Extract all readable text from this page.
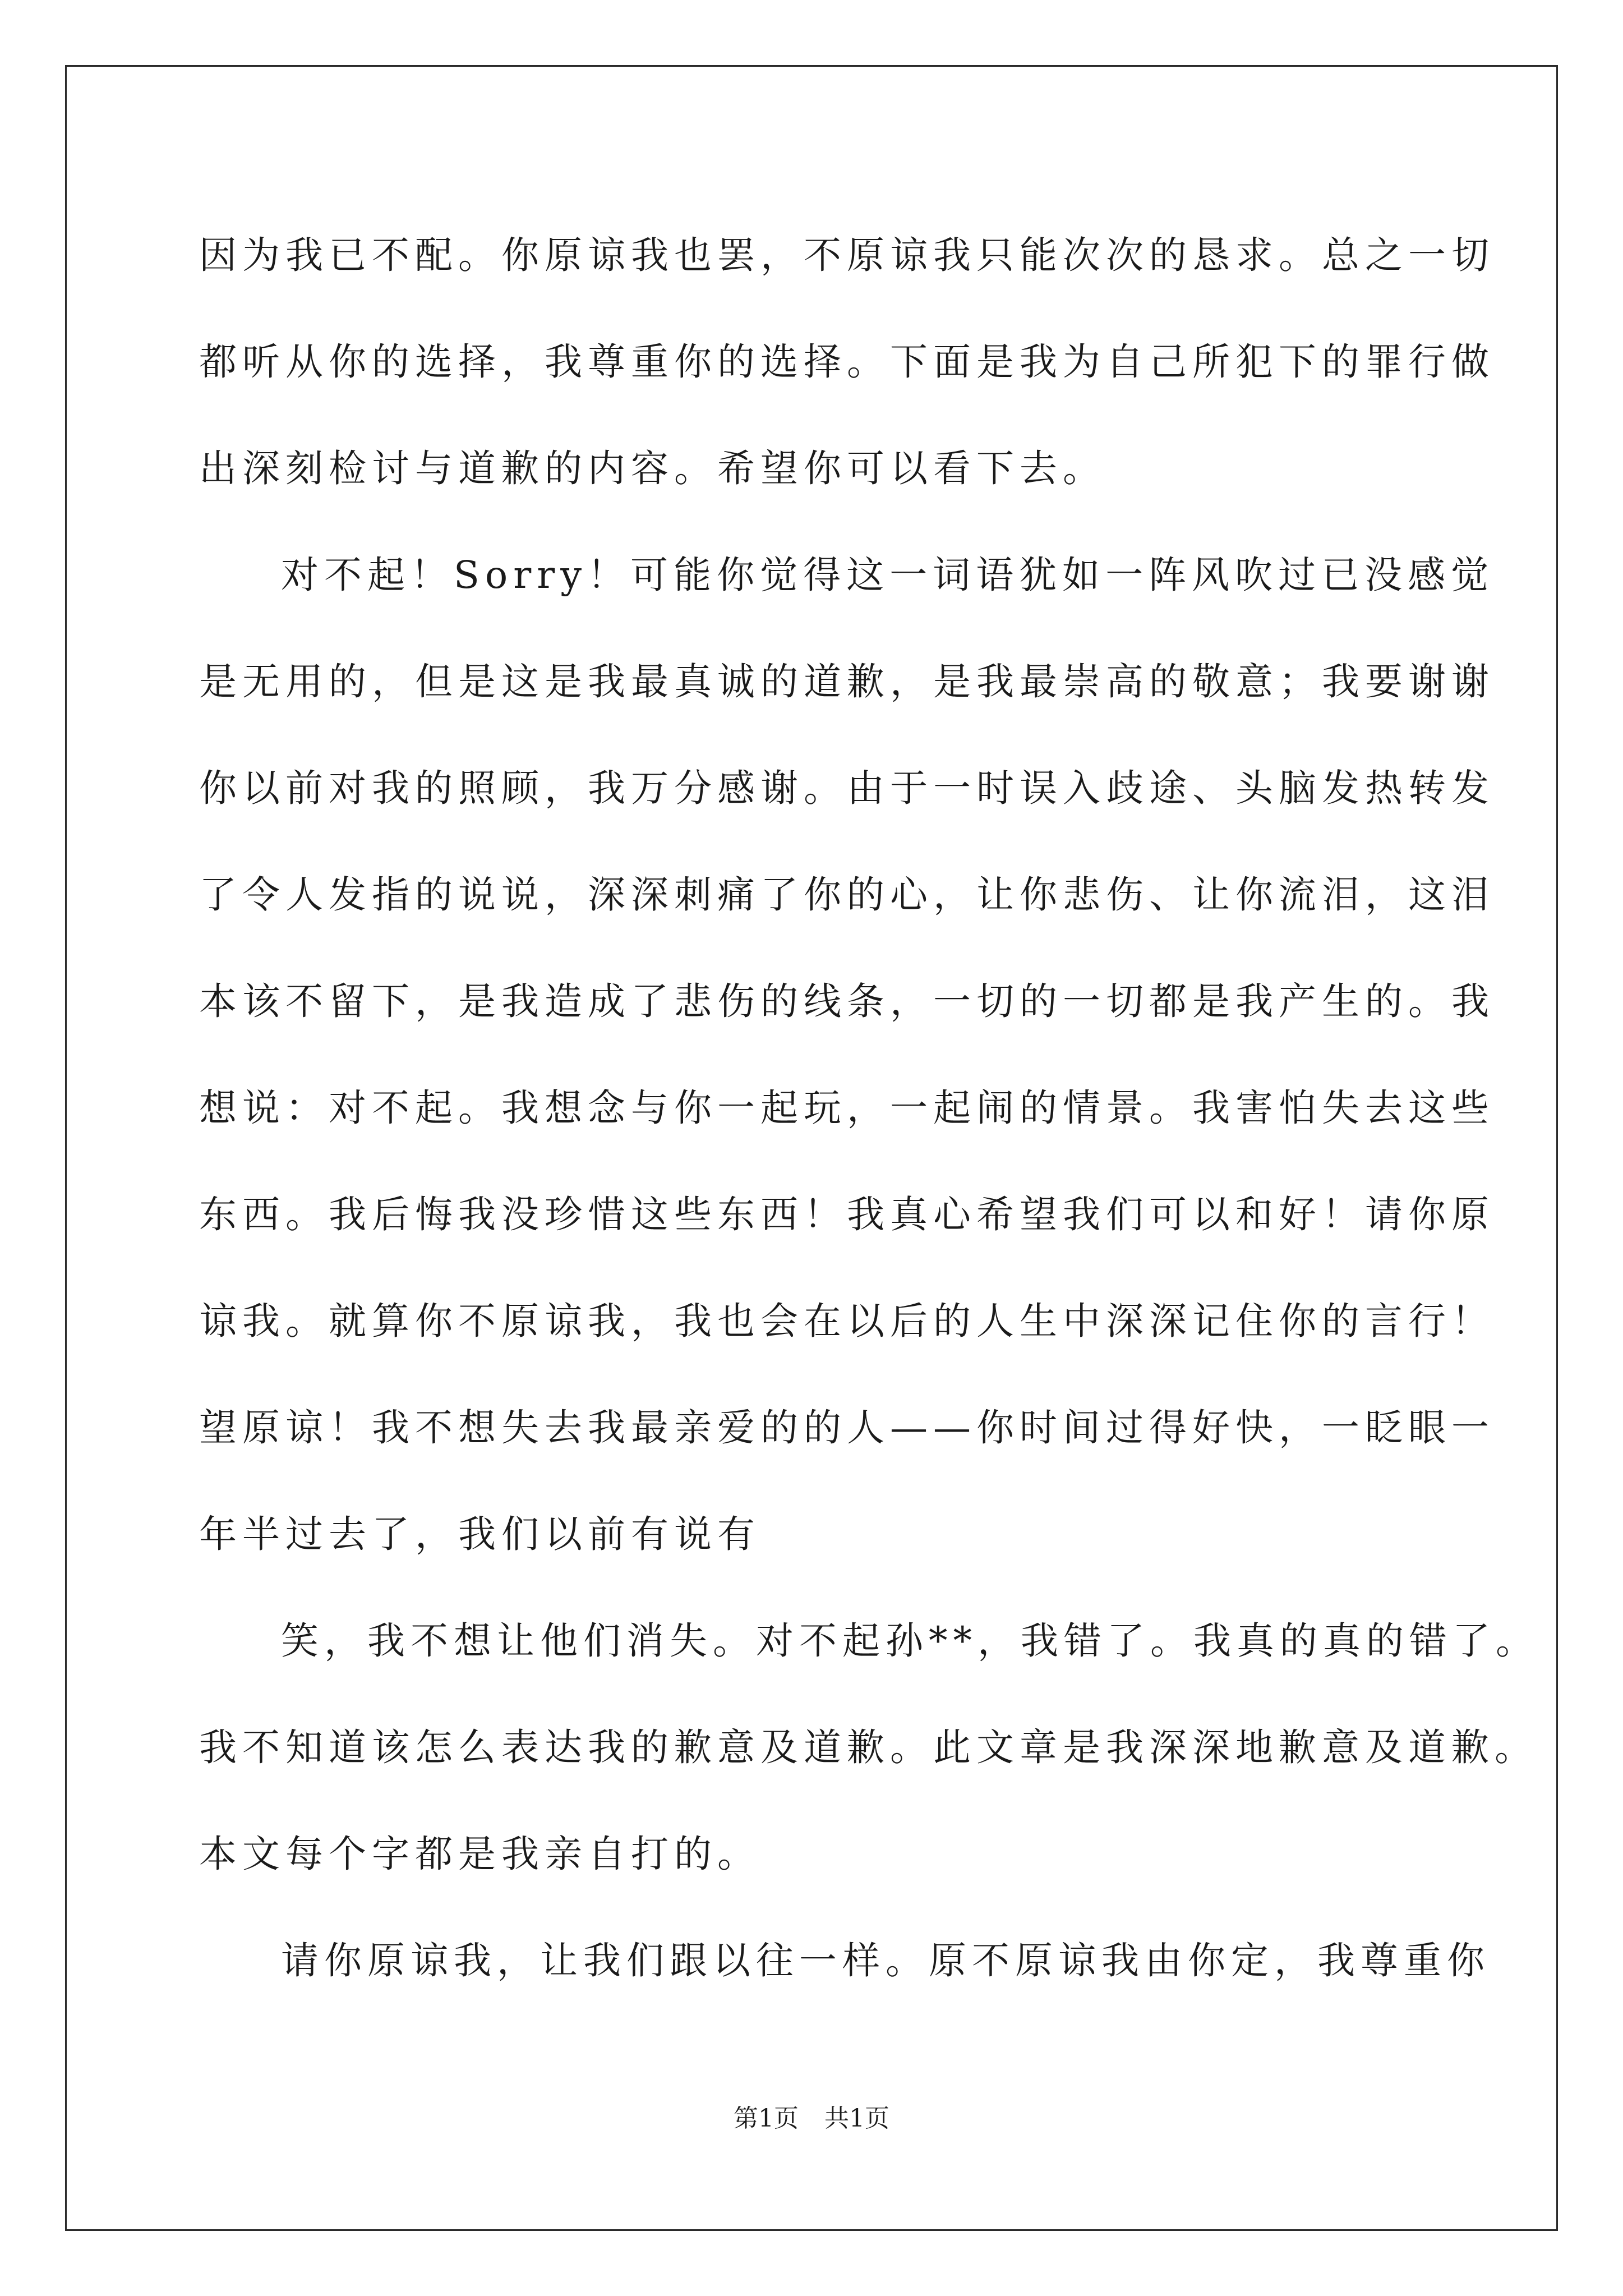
因为我已不配。你原谅我也罢，不原谅我只能次次的恳求。总之一切
都听从你的选择，我尊重你的选择。下面是我为自己所犯下的罪行做
出深刻检讨与道歉的内容。希望你可以看下去。

对不起！Sorry！可能你觉得这一词语犹如一阵风吹过已没感觉
是无用的，但是这是我最真诚的道歉，是我最崇高的敬意；我要谢谢
你以前对我的照顾，我万分感谢。由于一时误入歧途、头脑发热转发
了令人发指的说说，深深刺痛了你的心，让你悲伤、让你流泪，这泪
本该不留下，是我造成了悲伤的线条，一切的一切都是我产生的。我
想说：对不起。我想念与你一起玩，一起闹的情景。我害怕失去这些
东西。我后悔我没珍惜这些东西！我真心希望我们可以和好！请你原
谅我。就算你不原谅我，我也会在以后的人生中深深记住你的言行！
望原谅！我不想失去我最亲爱的的人——你时间过得好快，一眨眼一
年半过去了，我们以前有说有

笑，我不想让他们消失。对不起孙**，我错了。我真的真的错了。
我不知道该怎么表达我的歉意及道歉。此文章是我深深地歉意及道歉。
本文每个字都是我亲自打的。

请你原谅我，让我们跟以往一样。原不原谅我由你定，我尊重你

第1页 共1页
